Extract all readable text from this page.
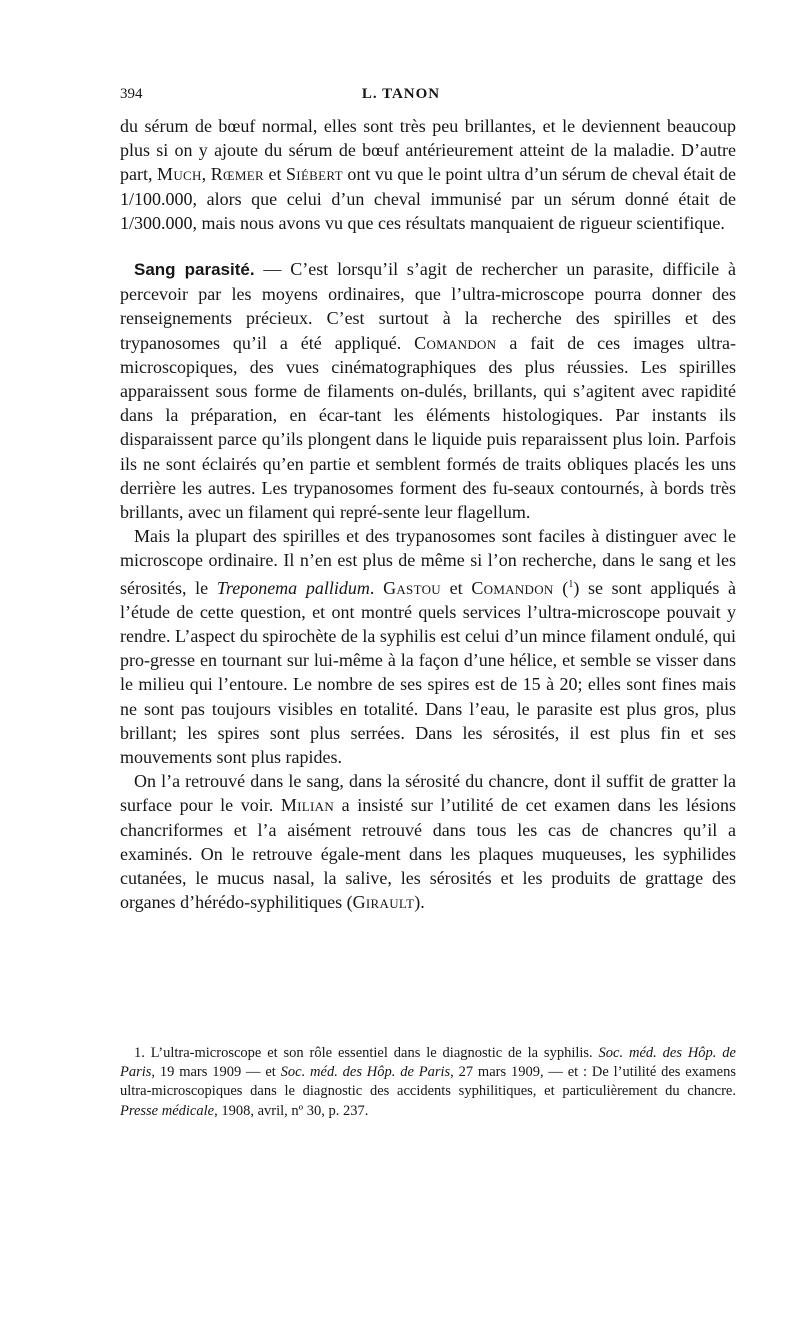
394	L. TANON

du sérum de bœuf normal, elles sont très peu brillantes, et le deviennent beaucoup plus si on y ajoute du sérum de bœuf antérieurement atteint de la maladie. D’autre part, Much, Rœmer et Siébert ont vu que le point ultra d’un sérum de cheval était de 1/100.000, alors que celui d’un cheval immunisé par un sérum donné était de 1/300.000, mais nous avons vu que ces résultats manquaient de rigueur scientifique.

Sang parasité. — C’est lorsqu’il s’agit de rechercher un parasite, difficile à percevoir par les moyens ordinaires, que l’ultra-microscope pourra donner des renseignements précieux. C’est surtout à la recherche des spirilles et des trypanosomes qu’il a été appliqué. Comandon a fait de ces images ultra-microscopiques, des vues cinématographiques des plus réussies. Les spirilles apparaissent sous forme de filaments on-dulés, brillants, qui s’agitent avec rapidité dans la préparation, en écar-tant les éléments histologiques. Par instants ils disparaissent parce qu’ils plongent dans le liquide puis reparaissent plus loin. Parfois ils ne sont éclairés qu’en partie et semblent formés de traits obliques placés les uns derrière les autres. Les trypanosomes forment des fu-seaux contournés, à bords très brillants, avec un filament qui repré-sente leur flagellum.

Mais la plupart des spirilles et des trypanosomes sont faciles à distinguer avec le microscope ordinaire. Il n’en est plus de même si l’on recherche, dans le sang et les sérosités, le Treponema pallidum. Gastou et Comandon ($^1$) se sont appliqués à l’étude de cette question, et ont montré quels services l’ultra-microscope pouvait y rendre. L’aspect du spirochète de la syphilis est celui d’un mince filament ondulé, qui pro-gresse en tournant sur lui-même à la façon d’une hélice, et semble se visser dans le milieu qui l’entoure. Le nombre de ses spires est de 15 à 20; elles sont fines mais ne sont pas toujours visibles en totalité. Dans l’eau, le parasite est plus gros, plus brillant; les spires sont plus serrées. Dans les sérosités, il est plus fin et ses mouvements sont plus rapides.

On l’a retrouvé dans le sang, dans la sérosité du chancre, dont il suffit de gratter la surface pour le voir. Milian a insisté sur l’utilité de cet examen dans les lésions chancriformes et l’a aisément retrouvé dans tous les cas de chancres qu’il a examinés. On le retrouve égale-ment dans les plaques muqueuses, les syphilides cutanées, le mucus nasal, la salive, les sérosités et les produits de grattage des organes d’hérédo-syphilitiques (Girault).

1. L’ultra-microscope et son rôle essentiel dans le diagnostic de la syphilis. Soc. méd. des Hôp. de Paris, 19 mars 1909 — et Soc. méd. des Hôp. de Paris, 27 mars 1909, — et : De l’utilité des examens ultra-microscopiques dans le diagnostic des accidents syphilitiques, et particulièrement du chancre. Presse médicale, 1908, avril, nº 30, p. 237.
